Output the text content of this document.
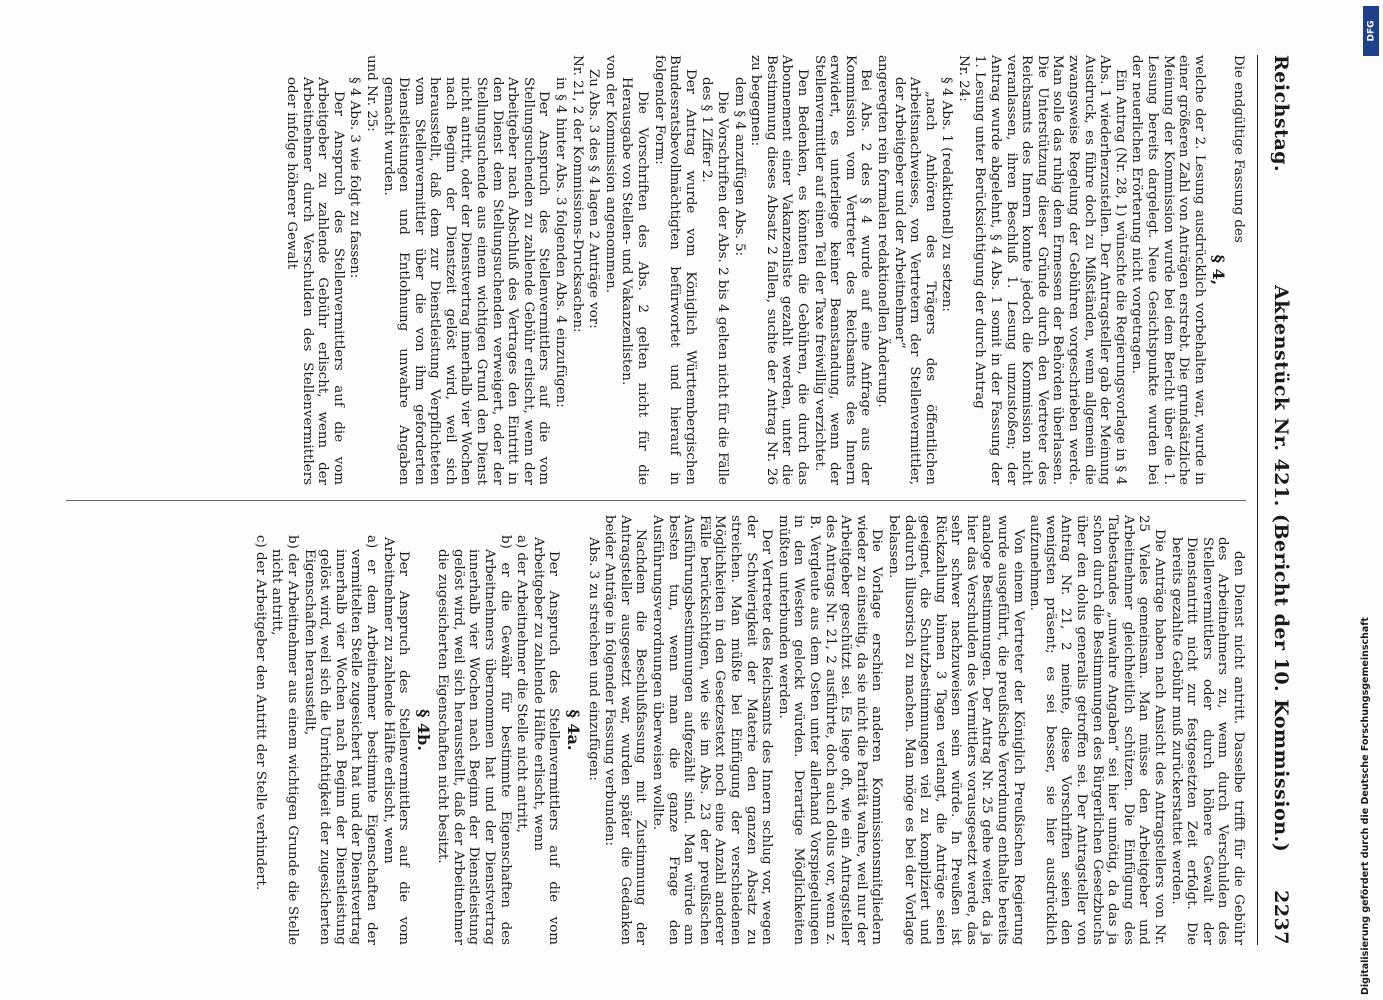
Reichstag.
Aktenstück Nr. 421. (Bericht der 10. Kommission.)
2237

Die endgültige Fassung des

§ 4,

welche der 2. Lesung ausdrücklich vorbehalten war, wurde in einer größeren Zahl von Anträgen erstrebt. Die grundsätzliche Meinung der Kommission wurde bei dem Bericht über die 1. Lesung bereits dargelegt. Neue Gesichtspunkte wurden bei der neuerlichen Erörterung nicht vorgetragen.

Ein Antrag (Nr. 28, 1) wünschte die Regierungsvorlage in § 4 Abs. 1 wiederherzustellen. Der Antragsteller gab der Meinung Ausdruck, es führe doch zu Mißständen, wenn allgemein die zwangsweise Regelung der Gebühren vorgeschrieben werde. Man solle das ruhig dem Ermessen der Behörden überlassen. Die Unterstützung dieser Gründe durch den Vertreter des Reichsamts des Innern konnte jedoch die Kommission nicht veranlassen, ihren Beschluß 1. Lesung umzustoßen; der Antrag wurde abgelehnt, § 4 Abs. 1 somit in der Fassung der 1. Lesung unter Berücksichtigung der durch Antrag

Nr. 24:

§ 4 Abs. 1 (redaktionell) zu setzen:

„nach Anhören des Trägers des öffentlichen Arbeitsnachweises, von Vertretern der Stellenvermittler, der Arbeitgeber und der Arbeitnehmer“

angeregten rein formalen redaktionellen Änderung.

Bei Abs. 2 des § 4 wurde auf eine Anfrage aus der Kommission vom Vertreter des Reichsamts des Innern erwidert, es unterliege keiner Beanstandung, wenn der Stellenvermittler auf einen Teil der Taxe freiwillig verzichtet.

Den Bedenken, es könnten die Gebühren, die durch das Abonnement einer Vakanzenliste gezahlt werden, unter die Bestimmung dieses Absatz 2 fallen, suchte der Antrag Nr. 26 zu begegnen:

dem § 4 anzufügen Abs. 5:

Die Vorschriften der Abs. 2 bis 4 gelten nicht für die Fälle des § 1 Ziffer 2.

Der Antrag wurde vom Königlich Württembergischen Bundesratsbevollmächtigten befürwortet und hierauf in folgender Form:

Die Vorschriften des Abs. 2 gelten nicht für die Herausgabe von Stellen- und Vakanzenlisten.

von der Kommission angenommen.

Zu Abs. 3 des § 4 lagen 2 Anträge vor:

Nr. 21, 2 der Kommissions-Drucksachen:

in § 4 hinter Abs. 3 folgenden Abs. 4 einzufügen:

Der Anspruch des Stellenvermittlers auf die vom Stellungsuchenden zu zahlende Gebühr erlischt, wenn der Arbeitgeber nach Abschluß des Vertrages den Eintritt in den Dienst dem Stellungsuchenden verweigert, oder der Stellungsuchende aus einem wichtigen Grund den Dienst nicht antritt, oder der Dienstvertrag innerhalb vier Wochen nach Beginn der Dienstzeit gelöst wird, weil sich herausstellt, daß dem zur Dienstleistung Verpflichteten vom Stellenvermittler über die von ihm geforderten Dienstleistungen und Entlohnung unwahre Angaben gemacht wurden.

und Nr. 25:

§ 4 Abs. 3 wie folgt zu fassen:

Der Anspruch des Stellenvermittlers auf die vom Arbeitgeber zu zahlende Gebühr erlischt, wenn der Arbeitnehmer durch Verschulden des Stellenvermittlers oder infolge höherer Gewalt

den Dienst nicht antritt. Dasselbe trifft für die Gebühr des Arbeitnehmers zu, wenn durch Verschulden des Stellenvermittlers oder durch höhere Gewalt der Dienstantritt nicht zur festgesetzten Zeit erfolgt. Die bereits gezahlte Gebühr muß zurückerstattet werden.

Die Anträge haben nach Ansicht des Antragstellers von Nr. 25 Vieles gemeinsam. Man müsse den Arbeitgeber und Arbeitnehmer gleichheitlich schützen. Die Einfügung des Tatbestandes „unwahre Angaben“ sei hier unnötig, da das ja schon durch die Bestimmungen des Bürgerlichen Gesetzbuchs über den dolus generalis getroffen sei. Der Antragsteller von Antrag Nr. 21, 2 meinte, diese Vorschriften seien den wenigsten präsent; es sei besser, sie hier ausdrücklich aufzunehmen.

Von einem Vertreter der Königlich Preußischen Regierung wurde ausgeführt, die preußische Verordnung enthalte bereits analoge Bestimmungen. Der Antrag Nr. 25 gehe weiter, da ja hier das Verschulden des Vermittlers vorausgesetzt werde, das sehr schwer nachzuweisen sein würde. In Preußen ist Rückzahlung binnen 3 Tagen verlangt, die Anträge seien geeignet, die Schutzbestimmungen viel zu kompliziert und dadurch illusorisch zu machen. Man möge es bei der Vorlage belassen.

Die Vorlage erschien anderen Kommissionsmitgliedern wieder zu einseitig, da sie nicht die Parität wahre, weil nur der Arbeitgeber geschützt sei. Es liege oft, wie ein Antragsteller des Antrags Nr. 21, 2 ausführte, doch auch dolus vor, wenn z. B. Vergleute aus dem Osten unter allerhand Vorspiegelungen in den Westen gelockt würden. Derartige Möglichkeiten müßten unterbunden werden.

Der Vertreter des Reichsamts des Innern schlug vor, wegen der Schwierigkeit der Materie den ganzen Absatz zu streichen. Man müßte bei Einfügung der verschiedenen Möglichkeiten in den Gesetzestext noch eine Anzahl anderer Fälle berücksichtigen, wie sie im Abs. 23 der preußischen Ausführungsbestimmungen aufgezählt sind. Man würde am besten tun, wenn man die ganze Frage den Ausführungsverordnungen überweisen wollte.

Nachdem die Beschlußfassung mit Zustimmung der Antragsteller ausgesetzt war, wurden später die Gedanken beider Anträge in folgender Fassung verbunden:

Abs. 3 zu streichen und einzufügen:

§ 4a.

Der Anspruch des Stellenvermittlers auf die vom Arbeitgeber zu zahlende Hälfte erlischt, wenn

a) der Arbeitnehmer die Stelle nicht antritt,

b) er die Gewähr für bestimmte Eigenschaften des Arbeitnehmers übernommen hat und der Dienstvertrag innerhalb vier Wochen nach Beginn der Dienstleistung gelöst wird, weil sich herausstellt, daß der Arbeitnehmer die zugesicherten Eigenschaften nicht besitzt.

§ 4b.

Der Anspruch des Stellenvermittlers auf die vom Arbeitnehmer zu zahlende Hälfte erlischt, wenn

a) er dem Arbeitnehmer bestimmte Eigenschaften der vermittelten Stelle zugesichert hat und der Dienstvertrag innerhalb vier Wochen nach Beginn der Dienstleistung gelöst wird, weil sich die Unrichtigkeit der zugesicherten Eigenschaften herausstellt,

b) der Arbeitnehmer aus einem wichtigen Grunde die Stelle nicht antritt,

c) der Arbeitgeber den Antritt der Stelle verhindert.	Digitalisierung gefördert durch die Deutsche Forschungsgemeinschaft
DFG
